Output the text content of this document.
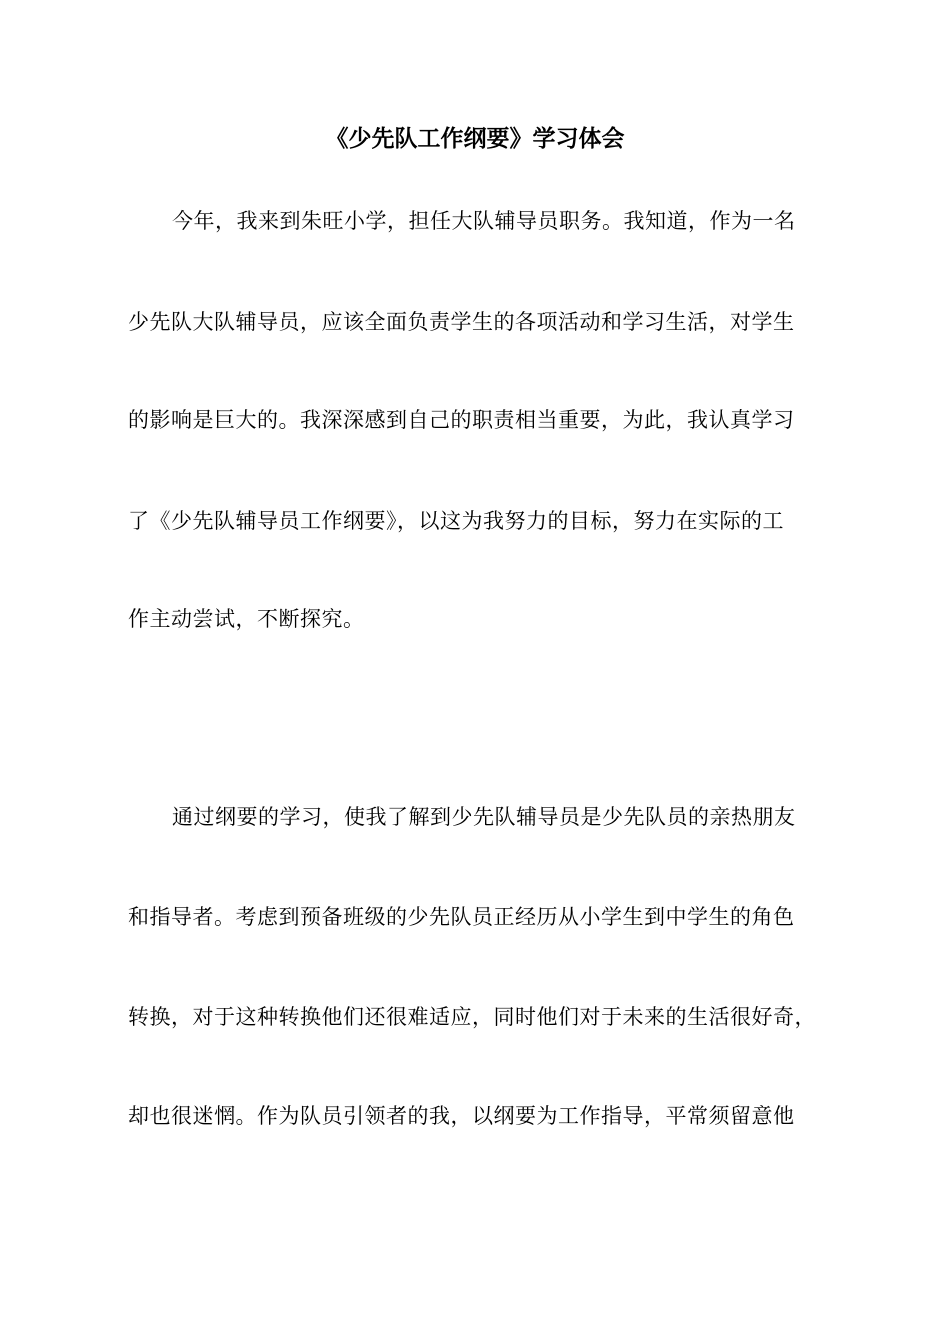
《少先队工作纲要》学习体会

今年，我来到朱旺小学，担任大队辅导员职务。我知道，作为一名

少先队大队辅导员，应该全面负责学生的各项活动和学习生活，对学生

的影响是巨大的。我深深感到自己的职责相当重要，为此，我认真学习

了《少先队辅导员工作纲要》，以这为我努力的目标，努力在实际的工

作主动尝试，不断探究。

通过纲要的学习，使我了解到少先队辅导员是少先队员的亲热朋友

和指导者。考虑到预备班级的少先队员正经历从小学生到中学生的角色

转换，对于这种转换他们还很难适应，同时他们对于未来的生活很好奇，

却也很迷惘。作为队员引领者的我，以纲要为工作指导，平常须留意他
